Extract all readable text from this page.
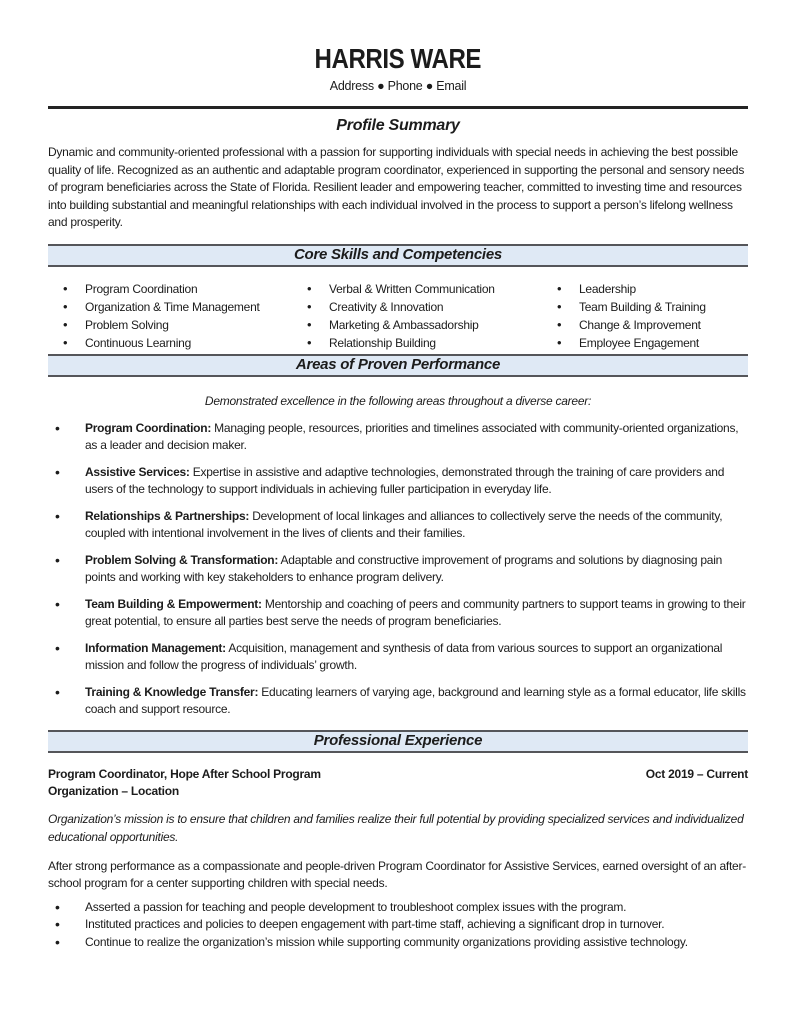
HARRIS WARE
Address ● Phone ● Email
Profile Summary

Dynamic and community-oriented professional with a passion for supporting individuals with special needs in achieving the best possible quality of life. Recognized as an authentic and adaptable program coordinator, experienced in supporting the personal and sensory needs of program beneficiaries across the State of Florida. Resilient leader and empowering teacher, committed to investing time and resources into building substantial and meaningful relationships with each individual involved in the process to support a person’s lifelong wellness and prosperity.

Core Skills and Competencies
• Program Coordination
• Organization & Time Management
• Problem Solving
• Continuous Learning
• Verbal & Written Communication
• Creativity & Innovation
• Marketing & Ambassadorship
• Relationship Building
• Leadership
• Team Building & Training
• Change & Improvement
• Employee Engagement
Areas of Proven Performance
Demonstrated excellence in the following areas throughout a diverse career:
• Program Coordination: Managing people, resources, priorities and timelines associated with community-oriented organizations, as a leader and decision maker.
• Assistive Services: Expertise in assistive and adaptive technologies, demonstrated through the training of care providers and users of the technology to support individuals in achieving fuller participation in everyday life.
• Relationships & Partnerships: Development of local linkages and alliances to collectively serve the needs of the community, coupled with intentional involvement in the lives of clients and their families.
• Problem Solving & Transformation: Adaptable and constructive improvement of programs and solutions by diagnosing pain points and working with key stakeholders to enhance program delivery.
• Team Building & Empowerment: Mentorship and coaching of peers and community partners to support teams in growing to their great potential, to ensure all parties best serve the needs of program beneficiaries.
• Information Management: Acquisition, management and synthesis of data from various sources to support an organizational mission and follow the progress of individuals’ growth.
• Training & Knowledge Transfer: Educating learners of varying age, background and learning style as a formal educator, life skills coach and support resource.
Professional Experience
Program Coordinator, Hope After School Program
Organization – Location
Oct 2019 – Current

Organization’s mission is to ensure that children and families realize their full potential by providing specialized services and individualized educational opportunities.

After strong performance as a compassionate and people-driven Program Coordinator for Assistive Services, earned oversight of an after-school program for a center supporting children with special needs.

• Asserted a passion for teaching and people development to troubleshoot complex issues with the program.
• Instituted practices and policies to deepen engagement with part-time staff, achieving a significant drop in turnover.
• Continue to realize the organization’s mission while supporting community organizations providing assistive technology.
